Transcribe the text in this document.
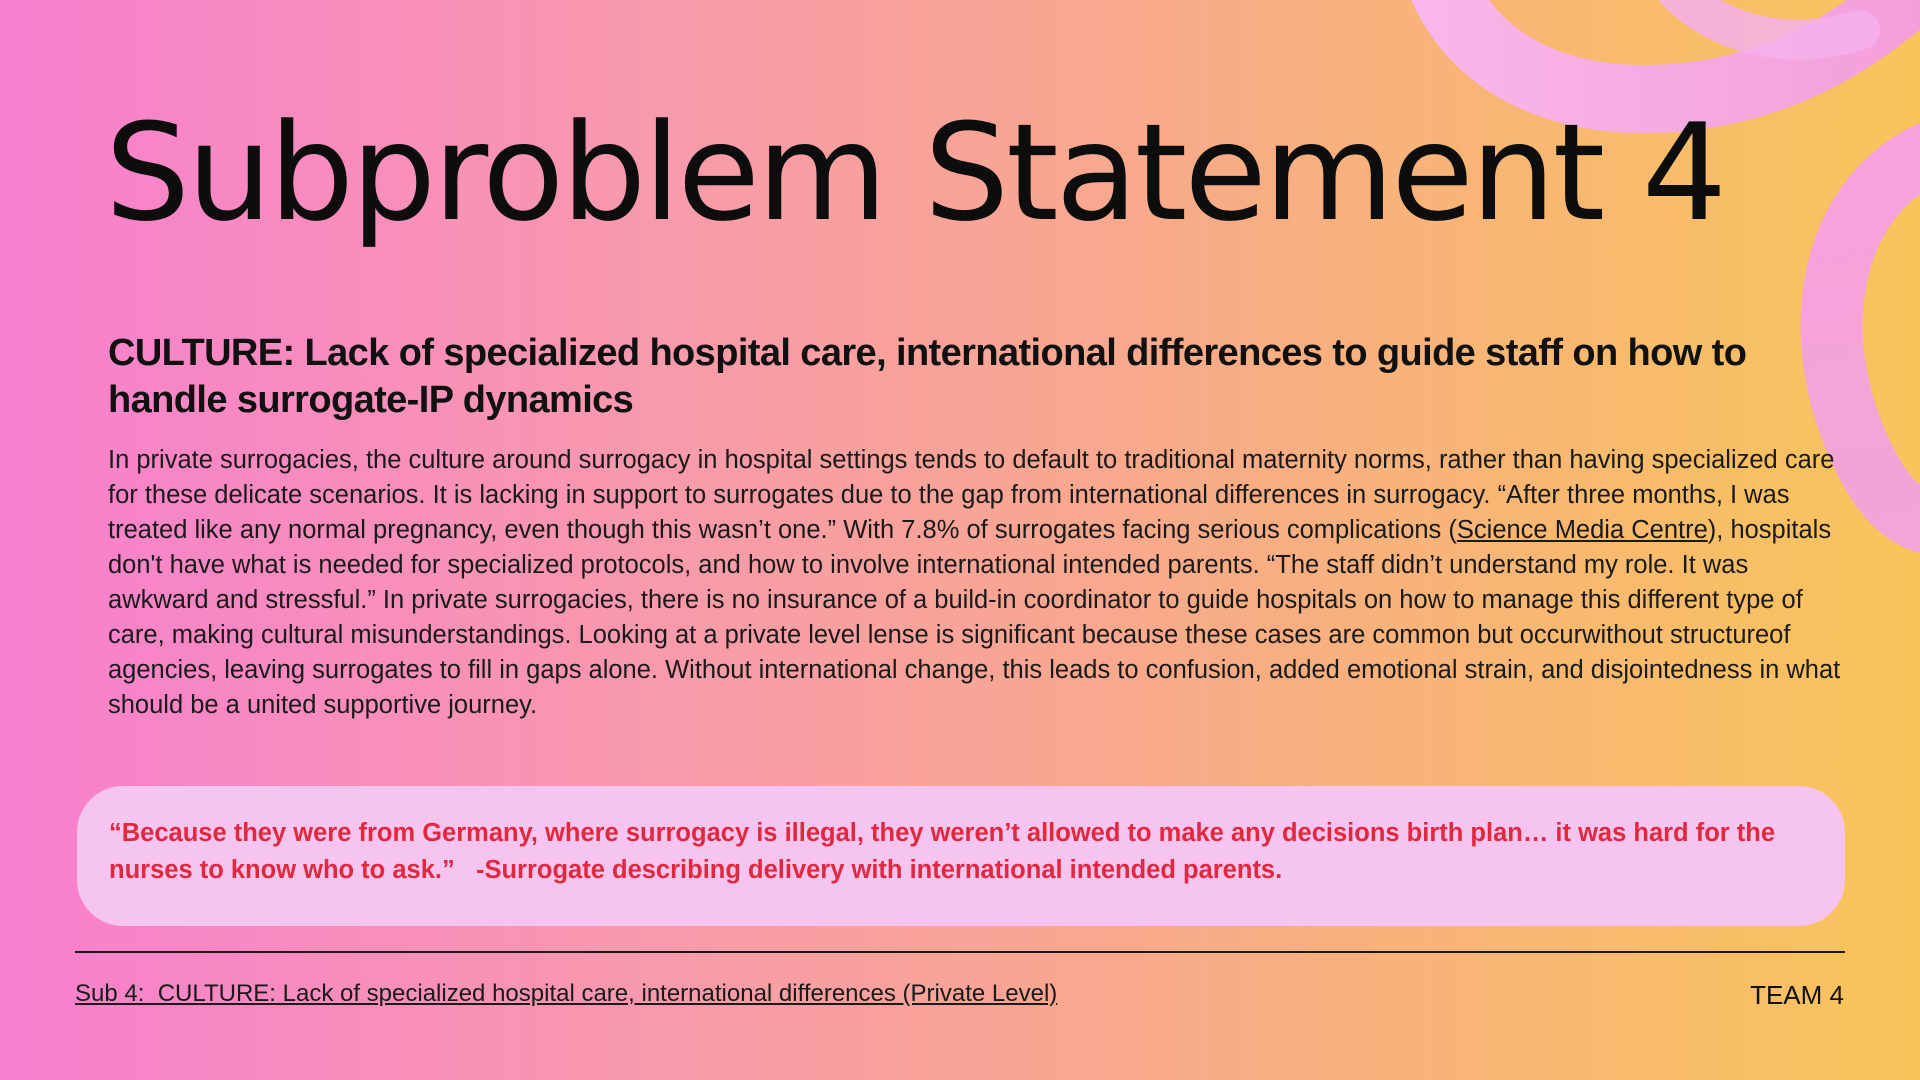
Subproblem Statement 4
CULTURE: Lack of specialized hospital care, international differences to guide staff on how to handle surrogate-IP dynamics

In private surrogacies, the culture around surrogacy in hospital settings tends to default to traditional maternity norms, rather than having specialized care for these delicate scenarios. It is lacking in support to surrogates due to the gap from international differences in surrogacy. “After three months, I was treated like any normal pregnancy, even though this wasn’t one.” With 7.8% of surrogates facing serious complications (Science Media Centre), hospitals don't have what is needed for specialized protocols, and how to involve international intended parents. “The staff didn’t understand my role. It was awkward and stressful.” In private surrogacies, there is no insurance of a build-in coordinator to guide hospitals on how to manage this different type of care, making cultural misunderstandings. Looking at a private level lense is significant because these cases are common but occurwithout structureof agencies, leaving surrogates to fill in gaps alone. Without international change, this leads to confusion, added emotional strain, and disjointedness in what should be a united supportive journey.

“Because they were from Germany, where surrogacy is illegal, they weren’t allowed to make any decisions birth plan… it was hard for the nurses to know who to ask.”   -Surrogate describing delivery with international intended parents.

Sub 4:  CULTURE: Lack of specialized hospital care, international differences (Private Level)	TEAM 4
